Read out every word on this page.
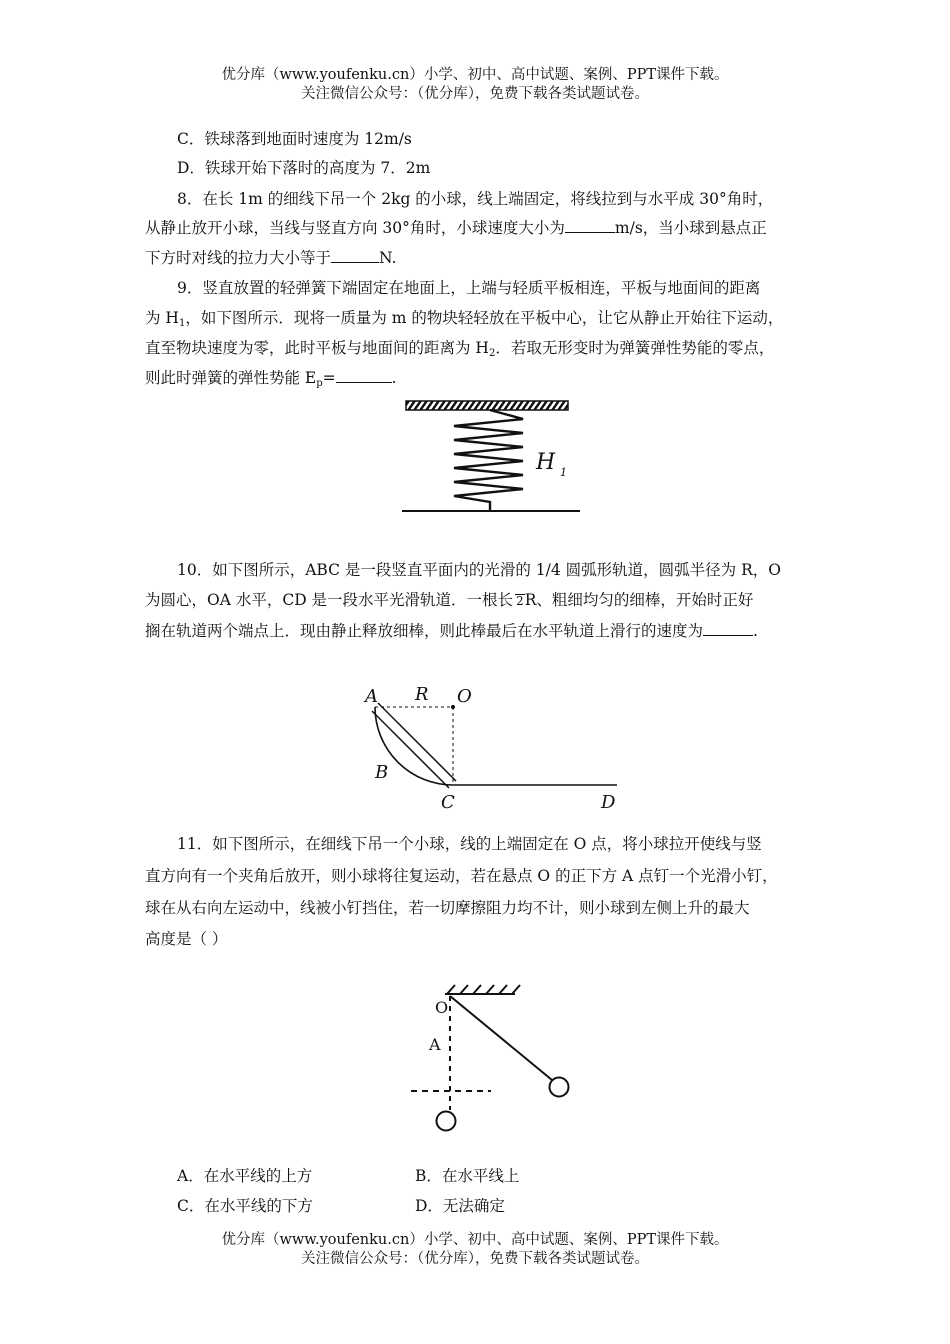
优分库（www.youfenku.cn）小学、初中、高中试题、案例、PPT课件下载。
关注微信公众号：（优分库），免费下载各类试题试卷。
C．铁球落到地面时速度为 12m/s
D．铁球开始下落时的高度为 7．2m
8．在长 1m 的细线下吊一个 2kg 的小球，线上端固定，将线拉到与水平成 30°角时，
从静止放开小球，当线与竖直方向 30°角时，小球速度大小为	m/s，当小球到悬点正
下方时对线的拉力大小等于	N.
9．竖直放置的轻弹簧下端固定在地面上，上端与轻质平板相连，平板与地面间的距离
为 $H_1$，如下图所示．现将一质量为 m 的物块轻轻放在平板中心，让它从静止开始往下运动，
直至物块速度为零，此时平板与地面间的距离为 $H_2$．若取无形变时为弹簧弹性势能的零点，
则此时弹簧的弹性势能 $E_p=$	.
H 1
10．如下图所示，ABC 是一段竖直平面内的光滑的 1/4 圆弧形轨道，圆弧半径为 R，O
为圆心，OA 水平，CD 是一段水平光滑轨道．一根长 2R、粗细均匀的细棒，开始时正好
搁在轨道两个端点上．现由静止释放细棒，则此棒最后在水平轨道上滑行的速度为	.
A R O
B
C	D
11．如下图所示，在细线下吊一个小球，线的上端固定在 O 点，将小球拉开使线与竖
直方向有一个夹角后放开，则小球将往复运动，若在悬点 O 的正下方 A 点钉一个光滑小钉，
球在从右向左运动中，线被小钉挡住，若一切摩擦阻力均不计，则小球到左侧上升的最大
高度是（ ）
O
A
A．在水平线的上方	B．在水平线上
C．在水平线的下方	D．无法确定
优分库（www.youfenku.cn）小学、初中、高中试题、案例、PPT课件下载。
关注微信公众号：（优分库），免费下载各类试题试卷。
